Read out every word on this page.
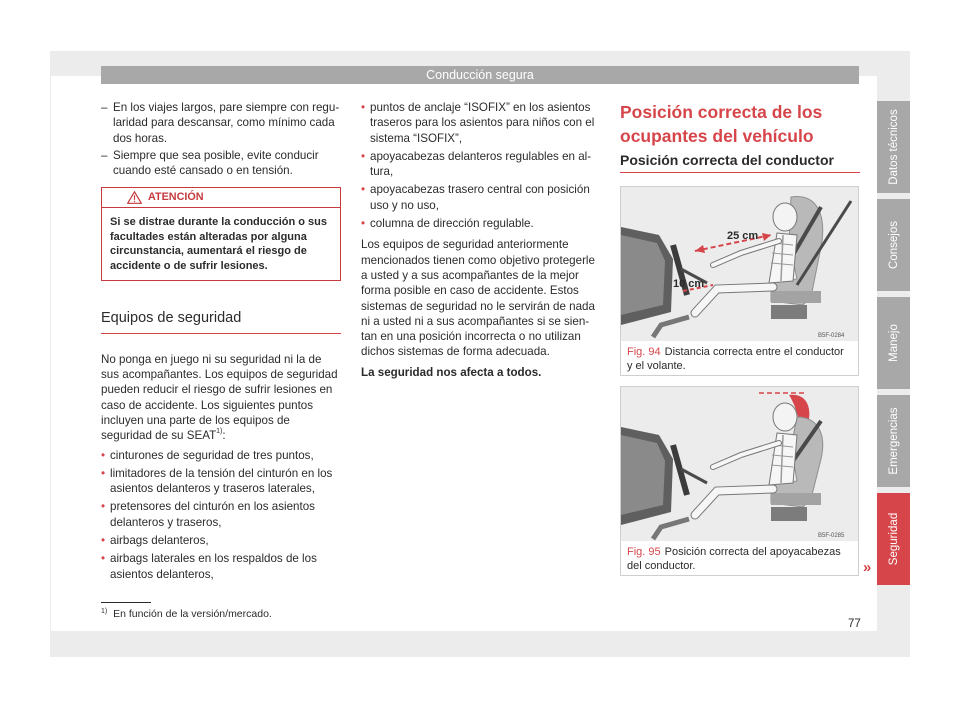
Conducción segura
– En los viajes largos, pare siempre con regularidad para descansar, como mínimo cada dos horas.
– Siempre que sea posible, evite conducir cuando esté cansado o en tensión.
ATENCIÓN
Si se distrae durante la conducción o sus facultades están alteradas por alguna circunstancia, aumentará el riesgo de accidente o de sufrir lesiones.
Equipos de seguridad

No ponga en juego ni su seguridad ni la de sus acompañantes. Los equipos de seguridad pueden reducir el riesgo de sufrir lesiones en caso de accidente. Los siguientes puntos incluyen una parte de los equipos de seguridad de su SEAT$^{1)}$:

• cinturones de seguridad de tres puntos,
• limitadores de la tensión del cinturón en los asientos delanteros y traseros laterales,
• pretensores del cinturón en los asientos delanteros y traseros,
• airbags delanteros,
• airbags laterales en los respaldos de los asientos delanteros,
• puntos de anclaje “ISOFIX” en los asientos traseros para los asientos para niños con el sistema “ISOFIX”,
• apoyacabezas delanteros regulables en altura,
• apoyacabezas trasero central con posición uso y no uso,
• columna de dirección regulable.

Los equipos de seguridad anteriormente mencionados tienen como objetivo protegerle a usted y a sus acompañantes de la mejor forma posible en caso de accidente. Estos sistemas de seguridad no le servirán de nada ni a usted ni a sus acompañantes si se sientan en una posición incorrecta o no utilizan dichos sistemas de forma adecuada.

La seguridad nos afecta a todos.

Posición correcta de los ocupantes del vehículo
Posición correcta del conductor
25 cm
10 cm
B5F-0284
Fig. 94 Distancia correcta entre el conductor y el volante.
B5F-0285
Fig. 95 Posición correcta del apoyacabezas del conductor.	»
Datos técnicos
Consejos
Manejo
Emergencias
Seguridad
$^{1)}$ En función de la versión/mercado.
77
